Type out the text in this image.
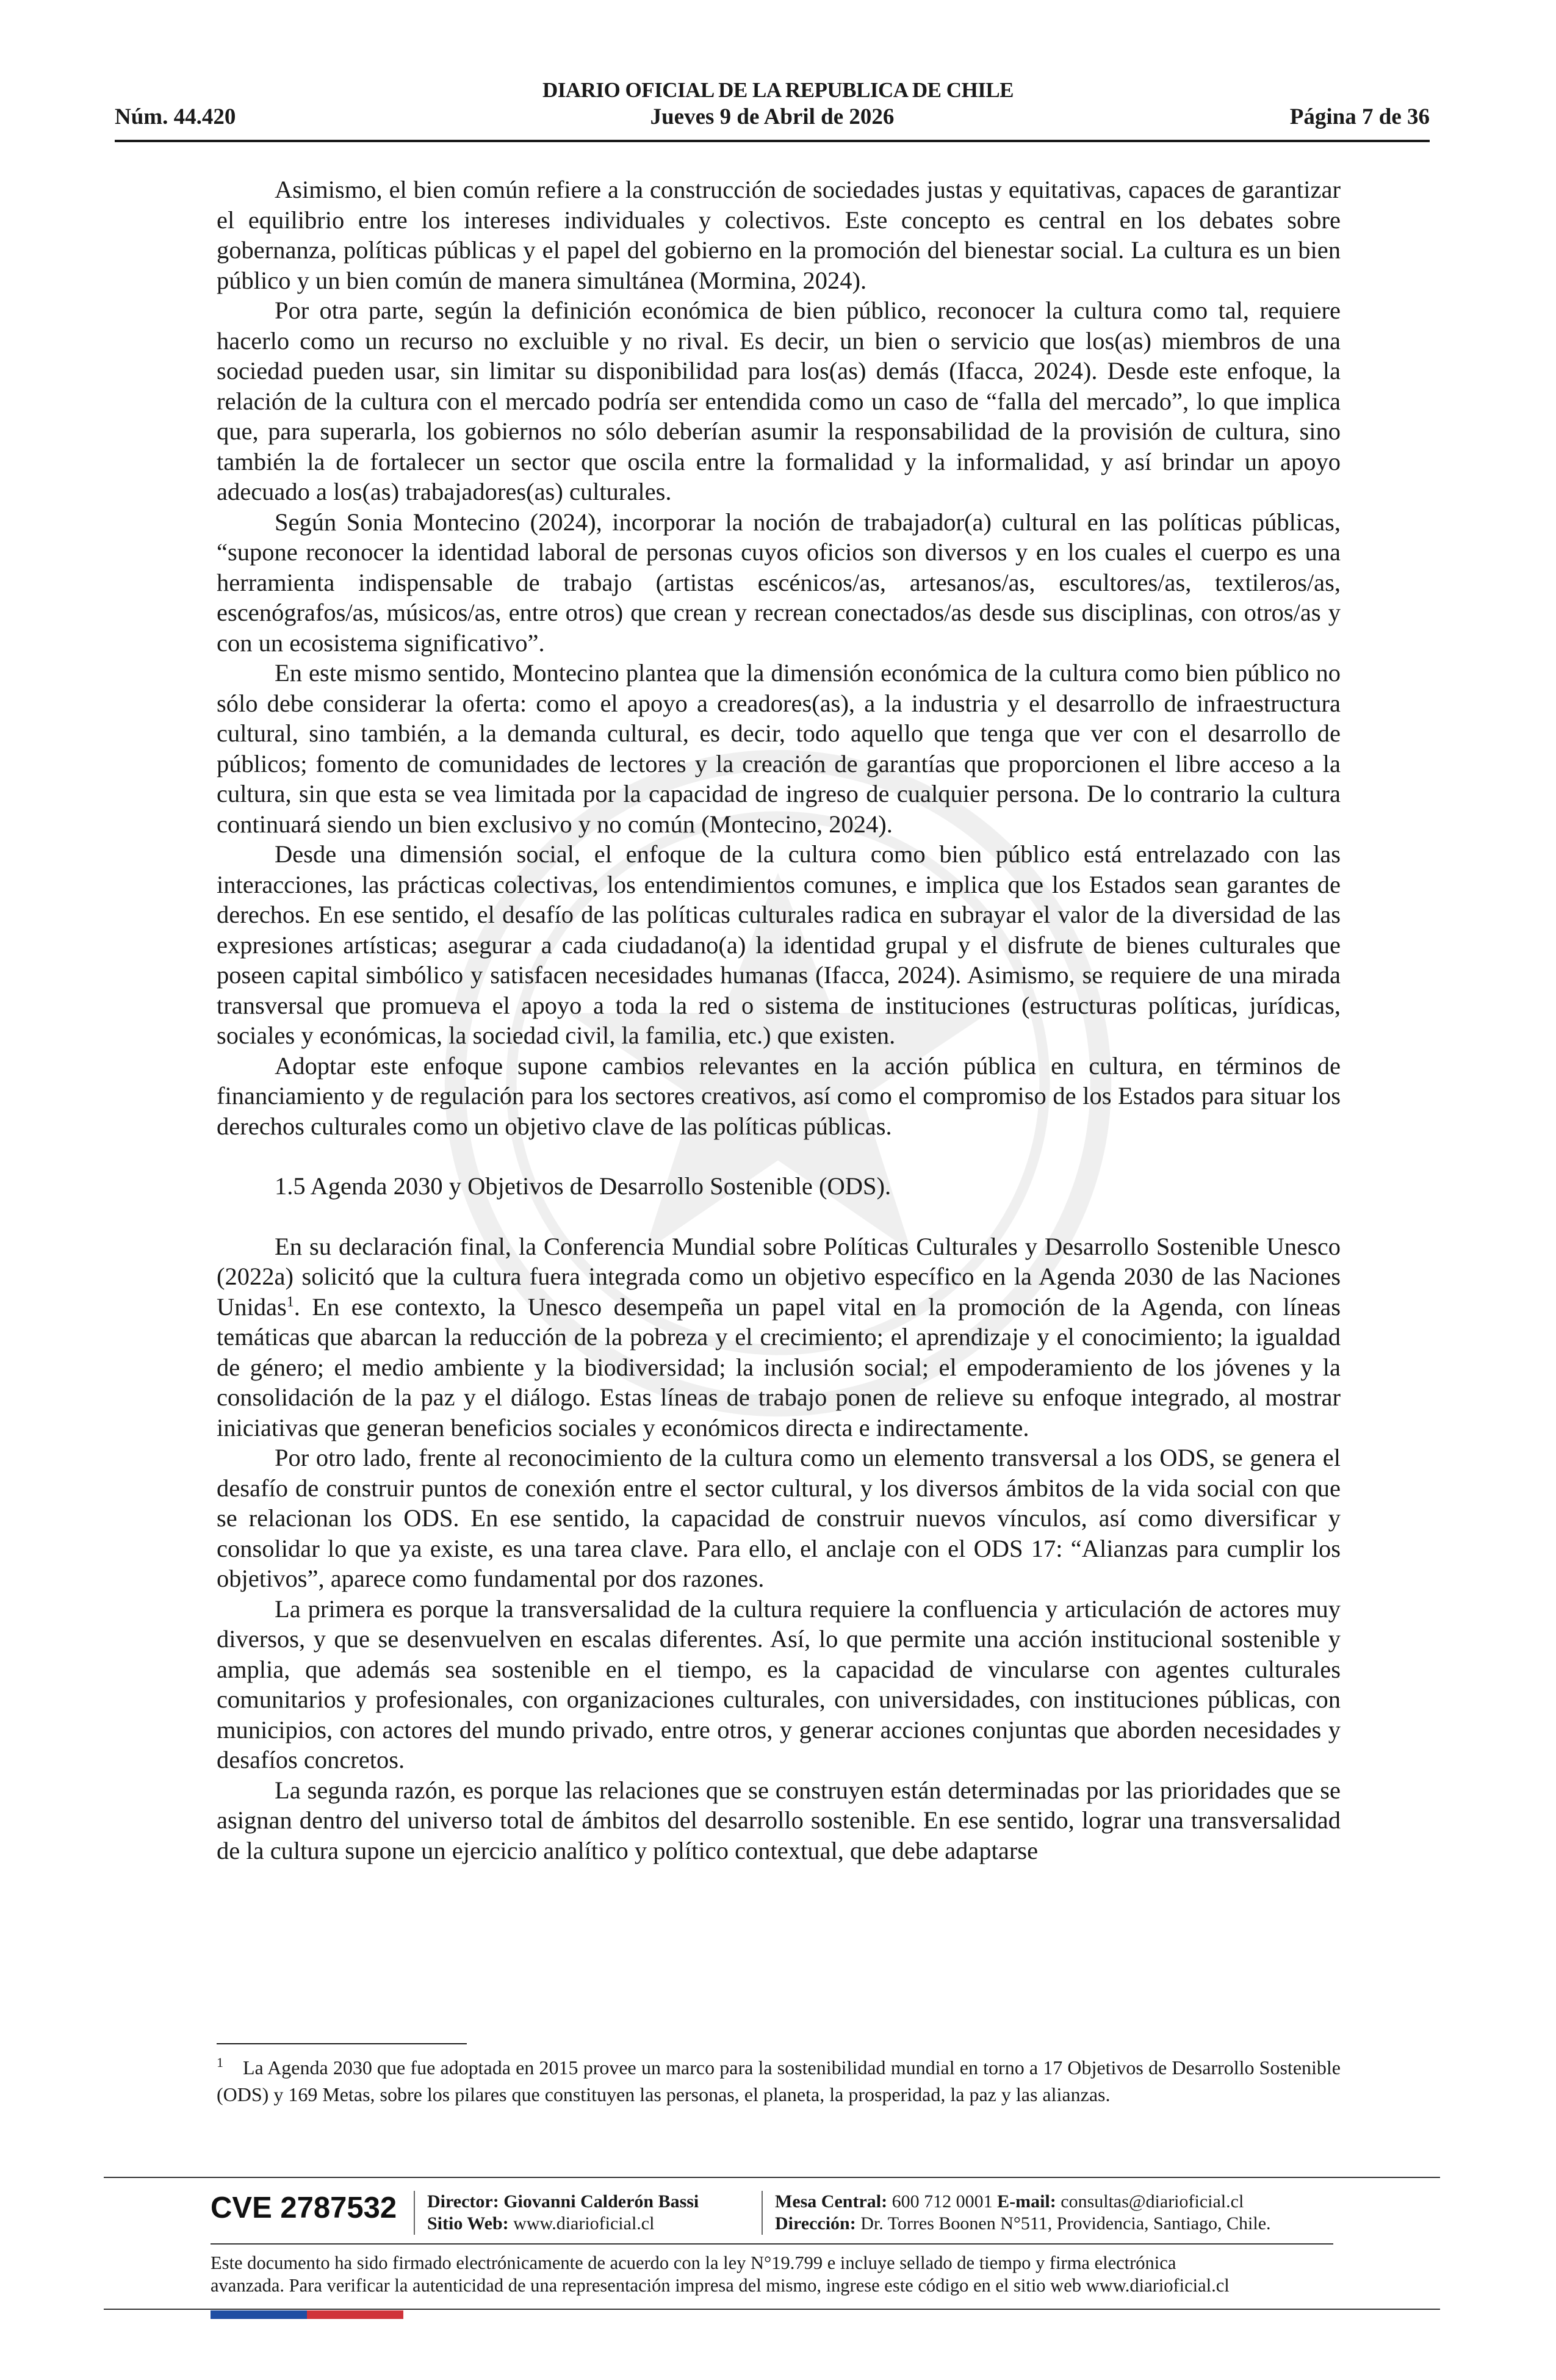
DIARIO OFICIAL DE LA REPUBLICA DE CHILE
Núm. 44.420	Jueves 9 de Abril de 2026	Página 7 de 36

Asimismo, el bien común refiere a la construcción de sociedades justas y equitativas, capaces de garantizar el equilibrio entre los intereses individuales y colectivos. Este concepto es central en los debates sobre gobernanza, políticas públicas y el papel del gobierno en la promoción del bienestar social. La cultura es un bien público y un bien común de manera simultánea (Mormina, 2024).

Por otra parte, según la definición económica de bien público, reconocer la cultura como tal, requiere hacerlo como un recurso no excluible y no rival. Es decir, un bien o servicio que los(as) miembros de una sociedad pueden usar, sin limitar su disponibilidad para los(as) demás (Ifacca, 2024). Desde este enfoque, la relación de la cultura con el mercado podría ser entendida como un caso de “falla del mercado”, lo que implica que, para superarla, los gobiernos no sólo deberían asumir la responsabilidad de la provisión de cultura, sino también la de fortalecer un sector que oscila entre la formalidad y la informalidad, y así brindar un apoyo adecuado a los(as) trabajadores(as) culturales.

Según Sonia Montecino (2024), incorporar la noción de trabajador(a) cultural en las políticas públicas, “supone reconocer la identidad laboral de personas cuyos oficios son diversos y en los cuales el cuerpo es una herramienta indispensable de trabajo (artistas escénicos/as, artesanos/as, escultores/as, textileros/as, escenógrafos/as, músicos/as, entre otros) que crean y recrean conectados/as desde sus disciplinas, con otros/as y con un ecosistema significativo”.

En este mismo sentido, Montecino plantea que la dimensión económica de la cultura como bien público no sólo debe considerar la oferta: como el apoyo a creadores(as), a la industria y el desarrollo de infraestructura cultural, sino también, a la demanda cultural, es decir, todo aquello que tenga que ver con el desarrollo de públicos; fomento de comunidades de lectores y la creación de garantías que proporcionen el libre acceso a la cultura, sin que esta se vea limitada por la capacidad de ingreso de cualquier persona. De lo contrario la cultura continuará siendo un bien exclusivo y no común (Montecino, 2024).

Desde una dimensión social, el enfoque de la cultura como bien público está entrelazado con las interacciones, las prácticas colectivas, los entendimientos comunes, e implica que los Estados sean garantes de derechos. En ese sentido, el desafío de las políticas culturales radica en subrayar el valor de la diversidad de las expresiones artísticas; asegurar a cada ciudadano(a) la identidad grupal y el disfrute de bienes culturales que poseen capital simbólico y satisfacen necesidades humanas (Ifacca, 2024). Asimismo, se requiere de una mirada transversal que promueva el apoyo a toda la red o sistema de instituciones (estructuras políticas, jurídicas, sociales y económicas, la sociedad civil, la familia, etc.) que existen.

Adoptar este enfoque supone cambios relevantes en la acción pública en cultura, en términos de financiamiento y de regulación para los sectores creativos, así como el compromiso de los Estados para situar los derechos culturales como un objetivo clave de las políticas públicas.

1.5 Agenda 2030 y Objetivos de Desarrollo Sostenible (ODS).

En su declaración final, la Conferencia Mundial sobre Políticas Culturales y Desarrollo Sostenible Unesco (2022a) solicitó que la cultura fuera integrada como un objetivo específico en la Agenda 2030 de las Naciones Unidas$^1$. En ese contexto, la Unesco desempeña un papel vital en la promoción de la Agenda, con líneas temáticas que abarcan la reducción de la pobreza y el crecimiento; el aprendizaje y el conocimiento; la igualdad de género; el medio ambiente y la biodiversidad; la inclusión social; el empoderamiento de los jóvenes y la consolidación de la paz y el diálogo. Estas líneas de trabajo ponen de relieve su enfoque integrado, al mostrar iniciativas que generan beneficios sociales y económicos directa e indirectamente.

Por otro lado, frente al reconocimiento de la cultura como un elemento transversal a los ODS, se genera el desafío de construir puntos de conexión entre el sector cultural, y los diversos ámbitos de la vida social con que se relacionan los ODS. En ese sentido, la capacidad de construir nuevos vínculos, así como diversificar y consolidar lo que ya existe, es una tarea clave. Para ello, el anclaje con el ODS 17: “Alianzas para cumplir los objetivos”, aparece como fundamental por dos razones.

La primera es porque la transversalidad de la cultura requiere la confluencia y articulación de actores muy diversos, y que se desenvuelven en escalas diferentes. Así, lo que permite una acción institucional sostenible y amplia, que además sea sostenible en el tiempo, es la capacidad de vincularse con agentes culturales comunitarios y profesionales, con organizaciones culturales, con universidades, con instituciones públicas, con municipios, con actores del mundo privado, entre otros, y generar acciones conjuntas que aborden necesidades y desafíos concretos.

La segunda razón, es porque las relaciones que se construyen están determinadas por las prioridades que se asignan dentro del universo total de ámbitos del desarrollo sostenible. En ese sentido, lograr una transversalidad de la cultura supone un ejercicio analítico y político contextual, que debe adaptarse

$^1$ La Agenda 2030 que fue adoptada en 2015 provee un marco para la sostenibilidad mundial en torno a 17 Objetivos de Desarrollo Sostenible (ODS) y 169 Metas, sobre los pilares que constituyen las personas, el planeta, la prosperidad, la paz y las alianzas.
CVE 2787532 Director: Giovanni Calderón Bassi
Sitio Web: www.diarioficial.cl
Mesa Central: 600 712 0001 E-mail: consultas@diarioficial.cl
Dirección: Dr. Torres Boonen N°511, Providencia, Santiago, Chile.
Este documento ha sido firmado electrónicamente de acuerdo con la ley N°19.799 e incluye sellado de tiempo y firma electrónica
avanzada. Para verificar la autenticidad de una representación impresa del mismo, ingrese este código en el sitio web www.diarioficial.cl
